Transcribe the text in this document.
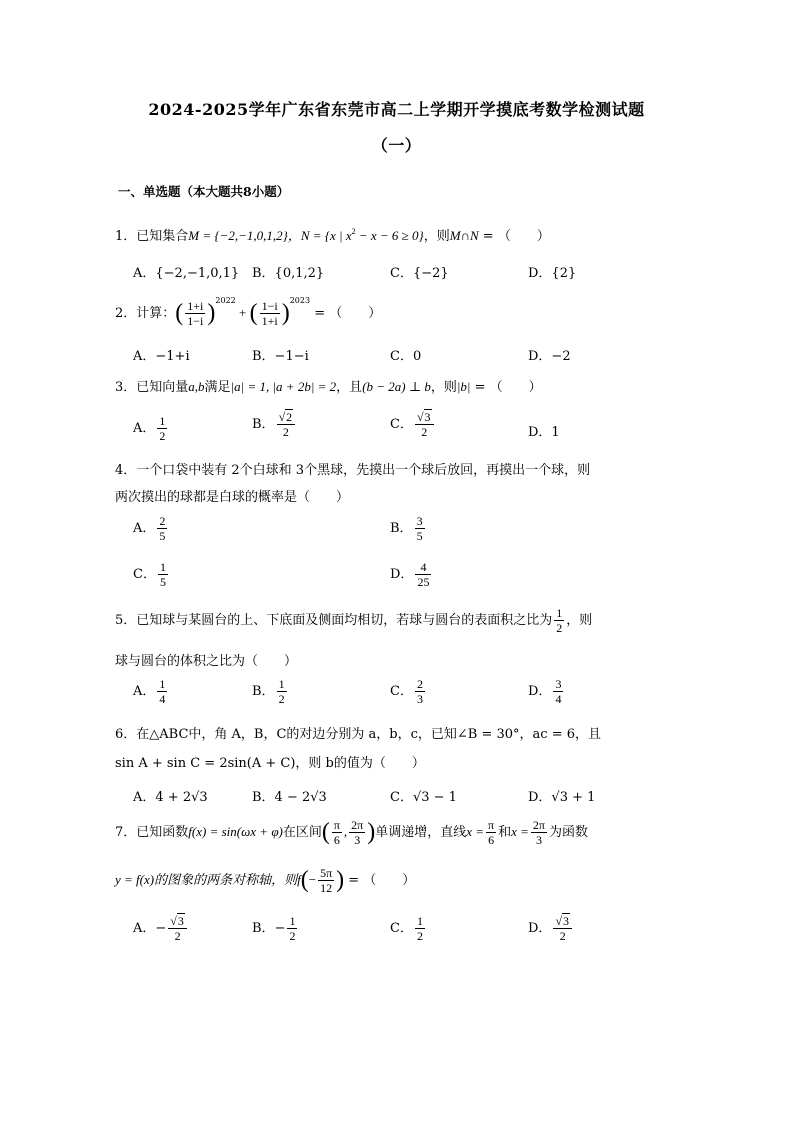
2024-2025学年广东省东莞市高二上学期开学摸底考数学检测试题
（一）
一、单选题（本大题共8小题）
1．已知集合M = {−2,−1,0,1,2}，N = {x | $x^2 - x - 6 \ge 0$}，则M∩N = （　　）
A．{−2,−1,0,1} B．{0,1,2}	C．{−2}	D．{2}
2．计算：( $\frac{1+i}{1-i} )^{2022}$ + ( $\frac{1-i}{1+i} )^{2023}$ = （　　）
A．−1+i	B．−1−i	C．0	D．−2
3．已知向量a,b满足|a| = 1, |a + 2b| = 2，且(b − 2a) ⊥ b，则|b| = （　　）
A． $\frac{1}{2}$	B． $\frac{√2}{2}$	C． $\frac{√3}{2}$	D．1
4．一个口袋中装有 2个白球和 3个黑球，先摸出一个球后放回，再摸出一个球，则
两次摸出的球都是白球的概率是（　　）
A． $\frac{2}{5}$	B． $\frac{3}{5}$
C． $\frac{1}{5}$	D． $\frac{4}{25}$
5．已知球与某圆台的上、下底面及侧面均相切，若球与圆台的表面积之比为 $\frac{1}{2}$ ，则
球与圆台的体积之比为（　　）
A． $\frac{1}{4}$	B． $\frac{1}{2}$	C． $\frac{2}{3}$	D． $\frac{3}{4}$
6．在△ABC中，角 A，B，C的对边分别为 a，b，c，已知∠B = 30°，ac = 6，且
sin A + sin C = 2sin(A + C)，则 b的值为（　　）
A．4 + 2√3	B．4 − 2√3	C．√3 − 1	D．√3 + 1
7．已知函数f(x) = sin(ωx + φ)在区间( $\frac{\pi}{6}$ , $\frac{2\pi}{3}$ )单调递增，直线$x = \frac{\pi}{6}$ 和$x = \frac{2\pi}{3}$ 为函数
y = f(x)的图象的两条对称轴，则$f(- \frac{5\pi}{12}$ ) = （　　）
A．− $\frac{√3}{2}$	B．− $\frac{1}{2}$	C． $\frac{1}{2}$	D． $\frac{√3}{2}$
